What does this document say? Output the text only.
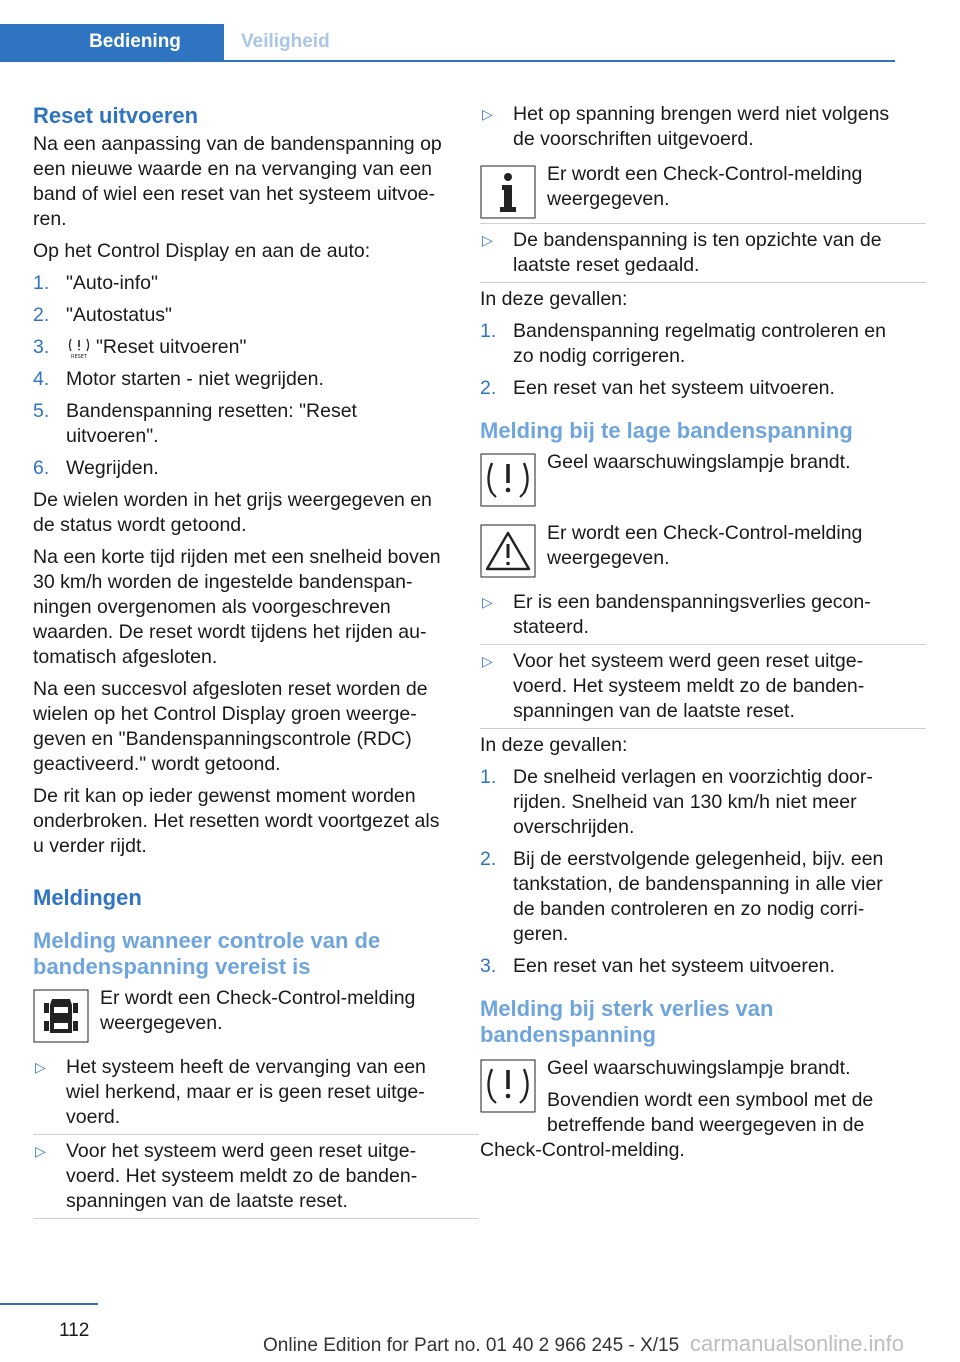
Bediening	Veiligheid
Reset uitvoeren

Na een aanpassing van de bandenspanning op een nieuwe waarde en na vervanging van een band of wiel een reset van het systeem uitvoeren.

Op het Control Display en aan de auto:

1. "Auto-info"
2. "Autostatus"
3.	RESET "Reset uitvoeren"
4. Motor starten - niet wegrijden.
5. Bandenspanning resetten: "Reset uitvoeren".
6. Wegrijden.

De wielen worden in het grijs weergegeven en de status wordt getoond.

Na een korte tijd rijden met een snelheid boven 30 km/h worden de ingestelde bandenspanningen overgenomen als voorgeschreven waarden. De reset wordt tijdens het rijden automatisch afgesloten.

Na een succesvol afgesloten reset worden de wielen op het Control Display groen weergegeven en "Bandenspanningscontrole (RDC) geactiveerd." wordt getoond.

De rit kan op ieder gewenst moment worden onderbroken. Het resetten wordt voortgezet als u verder rijdt.

Meldingen
Melding wanneer controle van de bandenspanning vereist is
Er wordt een Check-Control-melding weergegeven.
▷ Het systeem heeft de vervanging van een wiel herkend, maar er is geen reset uitgevoerd.
▷ Voor het systeem werd geen reset uitgevoerd. Het systeem meldt zo de bandenspanningen van de laatste reset.
▷ Het op spanning brengen werd niet volgens de voorschriften uitgevoerd.
Er wordt een Check-Control-melding weergegeven.
▷ De bandenspanning is ten opzichte van de laatste reset gedaald.

In deze gevallen:

1. Bandenspanning regelmatig controleren en zo nodig corrigeren.
2. Een reset van het systeem uitvoeren.
Melding bij te lage bandenspanning
Geel waarschuwingslampje brandt.
Er wordt een Check-Control-melding weergegeven.
▷ Er is een bandenspanningsverlies geconstateerd.
▷ Voor het systeem werd geen reset uitgevoerd. Het systeem meldt zo de bandenspanningen van de laatste reset.

In deze gevallen:

1. De snelheid verlagen en voorzichtig doorrijden. Snelheid van 130 km/h niet meer overschrijden.
2. Bij de eerstvolgende gelegenheid, bijv. een tankstation, de bandenspanning in alle vier de banden controleren en zo nodig corrigeren.
3. Een reset van het systeem uitvoeren.
Melding bij sterk verlies van bandenspanning

Geel waarschuwingslampje brandt.

Bovendien wordt een symbool met de betreffende band weergegeven in de Check-Control-melding.

112
Online Edition for Part no. 01 40 2 966 245 - X/15 carmanualsonline.info
